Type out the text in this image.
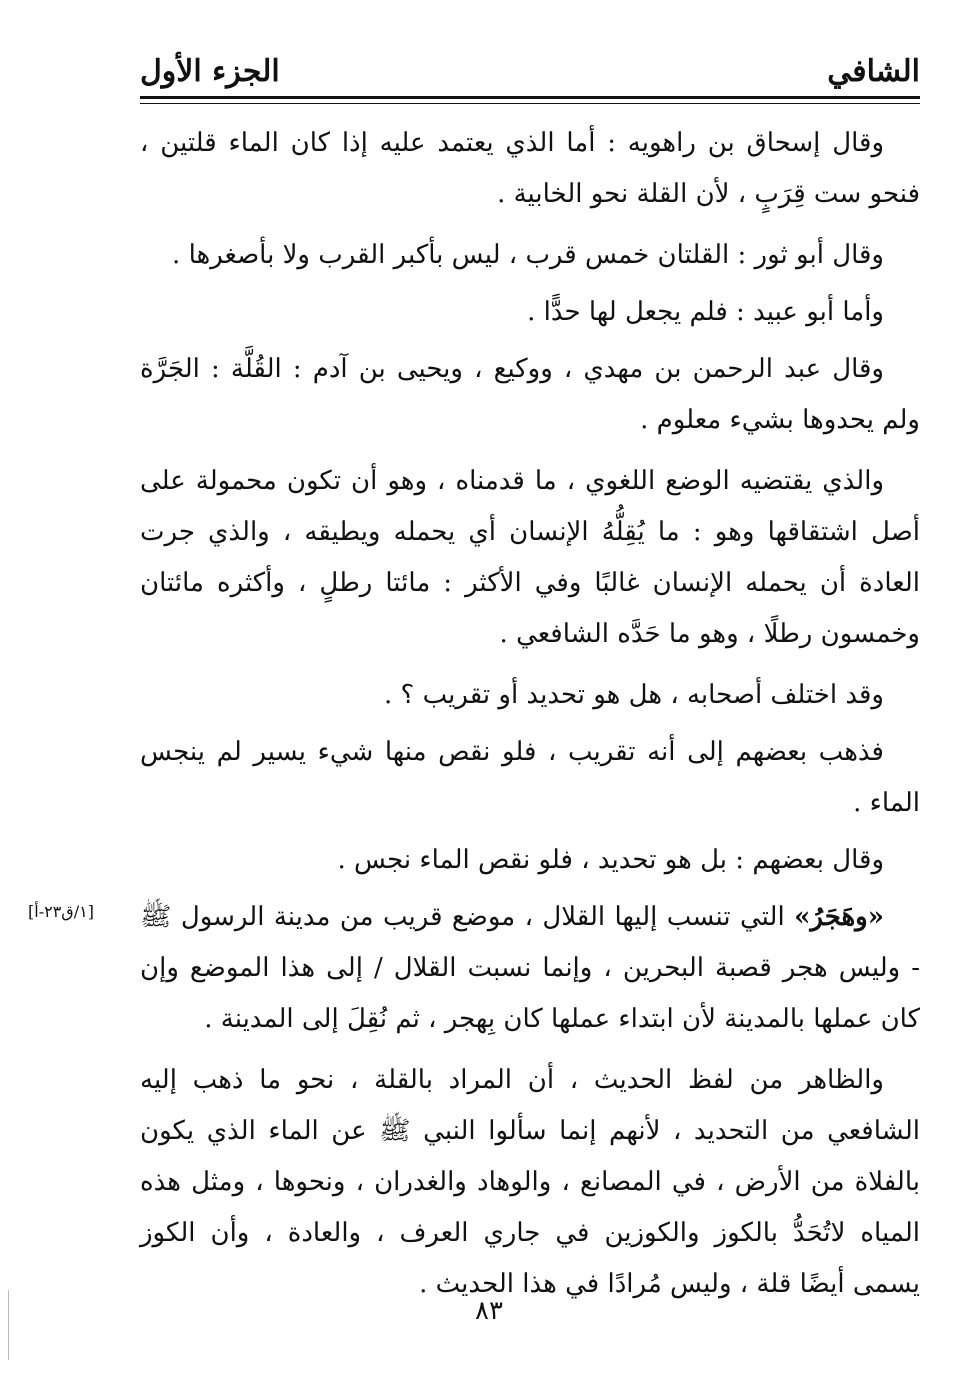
الشافي
الجزء الأول

وقال إسحاق بن راهويه : أما الذي يعتمد عليه إذا كان الماء قلتين ، فنحو ست قِرَبٍ ، لأن القلة نحو الخابية .

وقال أبو ثور : القلتان خمس قرب ، ليس بأكبر القرب ولا بأصغرها .

وأما أبو عبيد : فلم يجعل لها حدًّا .

وقال عبد الرحمن بن مهدي ، ووكيع ، ويحيى بن آدم : القُلَّة : الجَرَّة ولم يحدوها بشيء معلوم .

والذي يقتضيه الوضع اللغوي ، ما قدمناه ، وهو أن تكون محمولة على أصل اشتقاقها وهو : ما يُقِلُّهُ الإنسان أي يحمله ويطيقه ، والذي جرت العادة أن يحمله الإنسان غالبًا وفي الأكثر : مائتا رطلٍ ، وأكثره مائتان وخمسون رطلًا ، وهو ما حَدَّه الشافعي .

وقد اختلف أصحابه ، هل هو تحديد أو تقريب ؟ .

فذهب بعضهم إلى أنه تقريب ، فلو نقص منها شيء يسير لم ينجس الماء .

وقال بعضهم : بل هو تحديد ، فلو نقص الماء نجس .

«وهَجَرُ» التي تنسب إليها القلال ، موضع قريب من مدينة الرسول ﷺ - وليس هجر قصبة البحرين ، وإنما نسبت القلال / إلى هذا الموضع وإن كان عملها بالمدينة لأن ابتداء عملها كان بِهجر ، ثم نُقِلَ إلى المدينة .

والظاهر من لفظ الحديث ، أن المراد بالقلة ، نحو ما ذهب إليه الشافعي من التحديد ، لأنهم إنما سألوا النبي ﷺ عن الماء الذي يكون بالفلاة من الأرض ، في المصانع ، والوهاد والغدران ، ونحوها ، ومثل هذه المياه لاتُحَدُّ بالكوز والكوزين في جاري العرف ، والعادة ، وأن الكوز يسمى أيضًا قلة ، وليس مُرادًا في هذا الحديث .

[١/ق٢٣-أ]
٨٣
